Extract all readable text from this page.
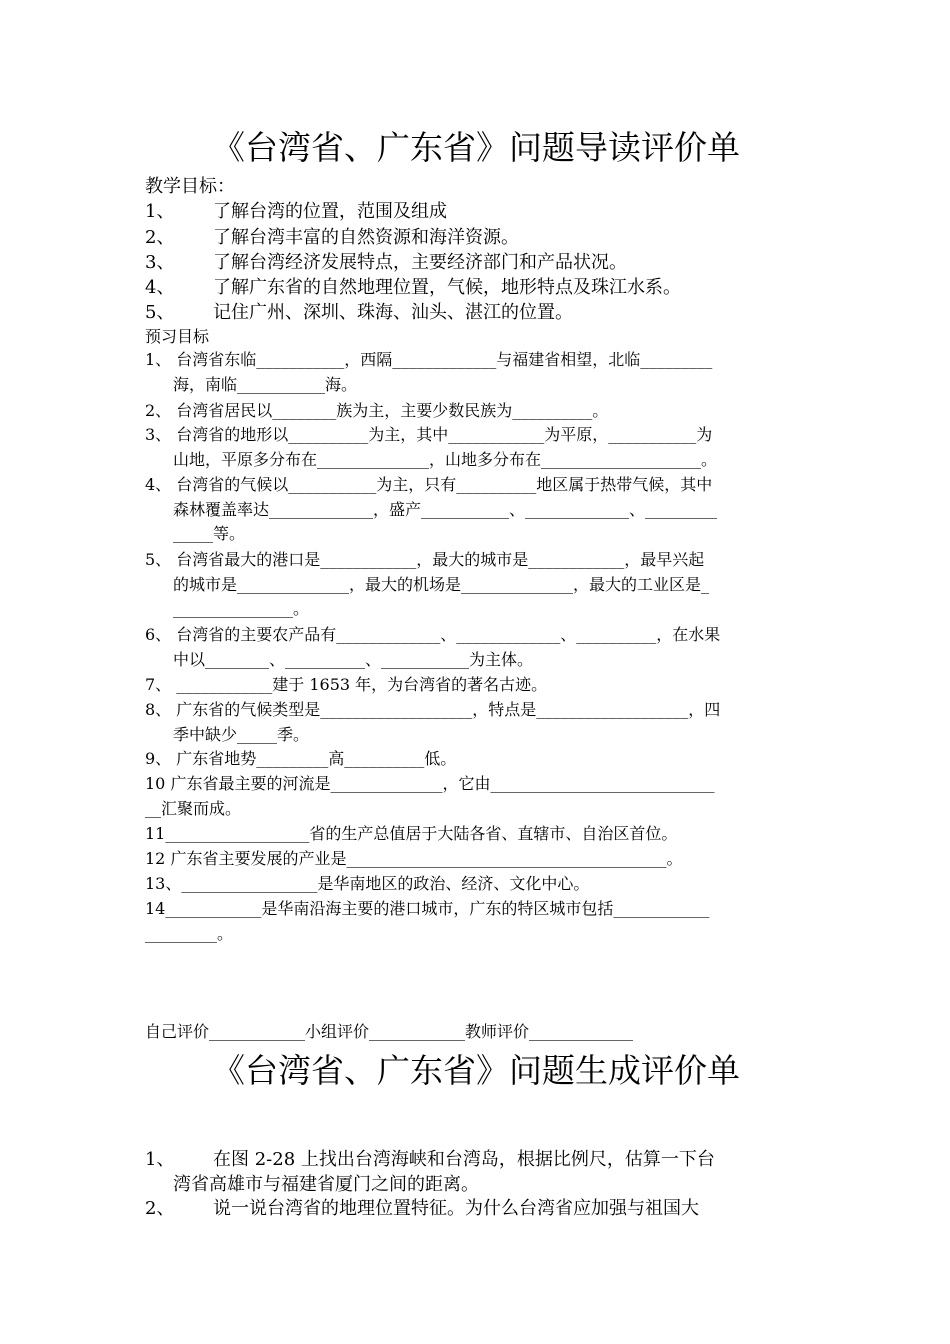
《台湾省、广东省》问题导读评价单
教学目标：
1、 了解台湾的位置，范围及组成
2、 了解台湾丰富的自然资源和海洋资源。
3、 了解台湾经济发展特点，主要经济部门和产品状况。
4、 了解广东省的自然地理位置，气候，地形特点及珠江水系。
5、 记住广州、深圳、珠海、汕头、湛江的位置。
预习目标
1、 台湾省东临___________，西隔_____________与福建省相望，北临_________
海，南临___________海。
2、 台湾省居民以________族为主，主要少数民族为__________。
3、 台湾省的地形以__________为主，其中____________为平原，___________为
山地，平原多分布在______________，山地多分布在____________________。
4、 台湾省的气候以___________为主，只有__________地区属于热带气候，其中
森林覆盖率达_____________，盛产___________、_____________、_________
_____等。
5、 台湾省最大的港口是____________，最大的城市是____________，最早兴起
的城市是______________，最大的机场是______________，最大的工业区是_
_______________。
6、 台湾省的主要农产品有_____________、_____________、__________，在水果
中以________、__________、___________为主体。
7、 ____________建于 1653 年，为台湾省的著名古迹。
8、 广东省的气候类型是___________________，特点是___________________，四
季中缺少_____季。
9、 广东省地势_________高__________低。
10 广东省最主要的河流是______________，它由____________________________
__汇聚而成。
11__________________省的生产总值居于大陆各省、直辖市、自治区首位。
12 广东省主要发展的产业是________________________________________。
13、_________________是华南地区的政治、经济、文化中心。
14____________是华南沿海主要的港口城市，广东的特区城市包括____________
_________。
自己评价____________小组评价____________教师评价_____________
《台湾省、广东省》问题生成评价单
1、	在图 2-28 上找出台湾海峡和台湾岛，根据比例尺，估算一下台
湾省高雄市与福建省厦门之间的距离。
2、	说一说台湾省的地理位置特征。为什么台湾省应加强与祖国大
